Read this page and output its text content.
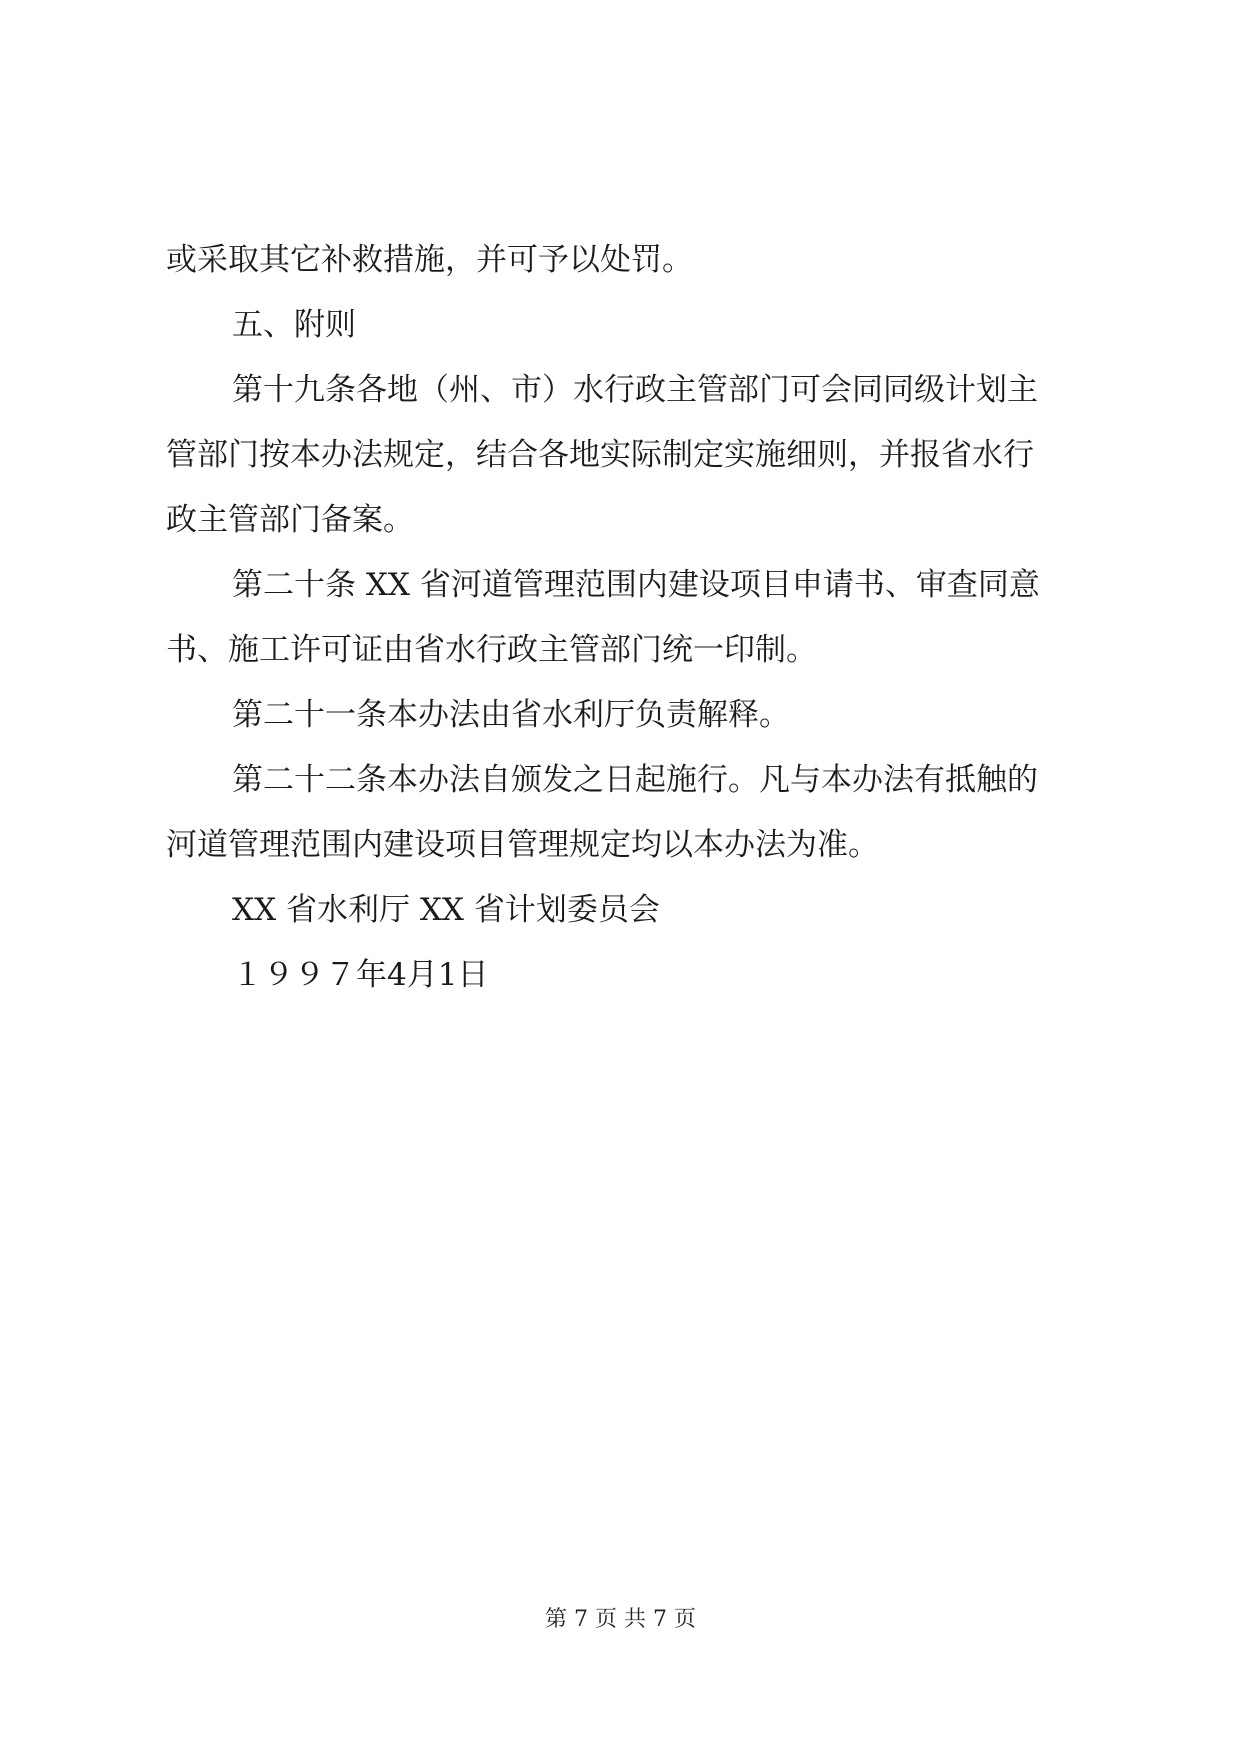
或采取其它补救措施，并可予以处罚。
五、附则
第十九条各地（州、市）水行政主管部门可会同同级计划主
管部门按本办法规定，结合各地实际制定实施细则，并报省水行
政主管部门备案。
第二十条 XX 省河道管理范围内建设项目申请书、审查同意
书、施工许可证由省水行政主管部门统一印制。
第二十一条本办法由省水利厅负责解释。
第二十二条本办法自颁发之日起施行。凡与本办法有抵触的
河道管理范围内建设项目管理规定均以本办法为准。
XX 省水利厅 XX 省计划委员会
１９９７年4月1日
第 7 页 共 7 页
